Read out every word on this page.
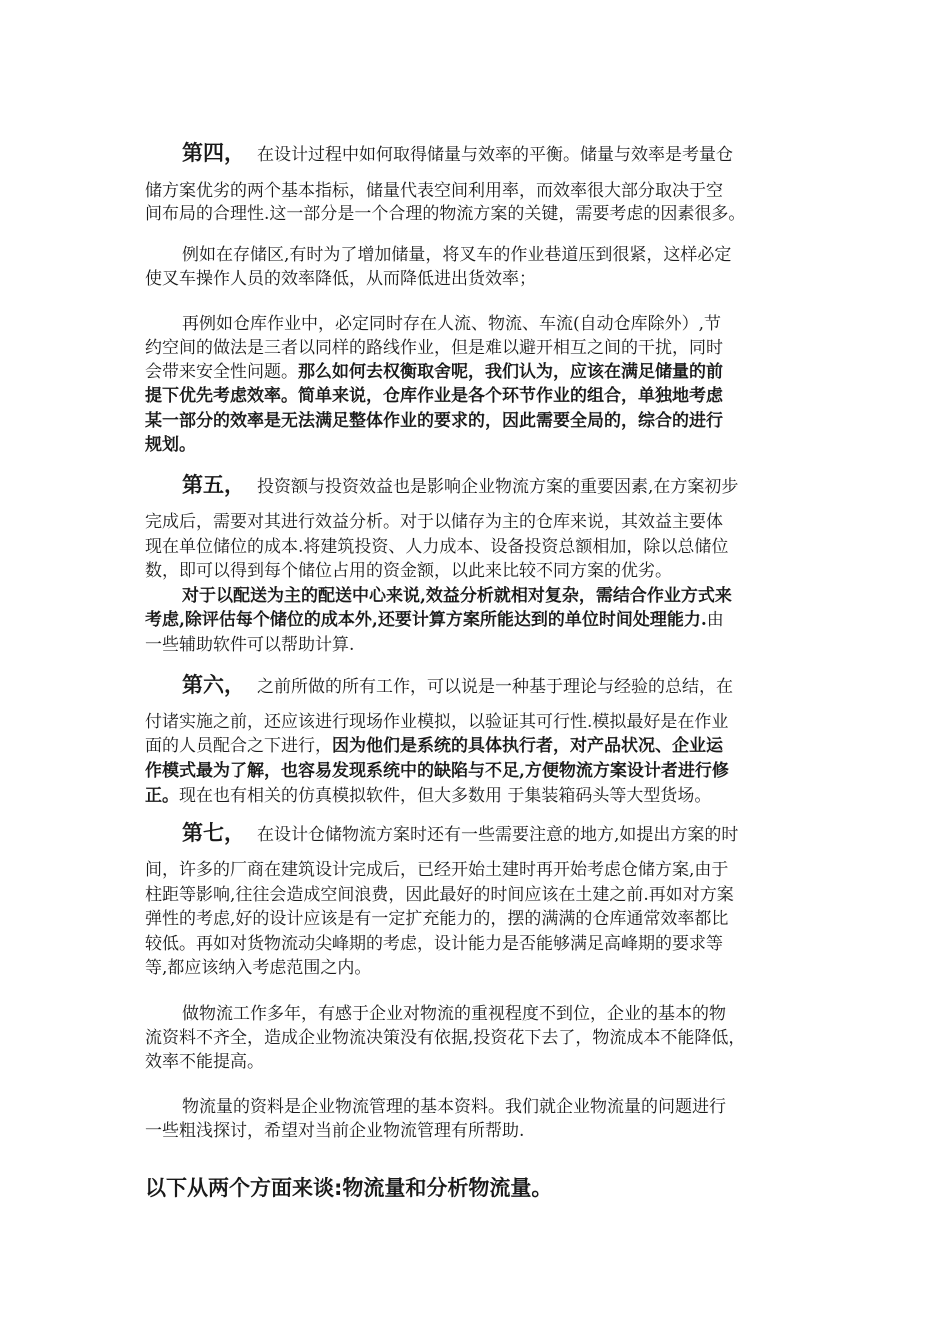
第四， 在设计过程中如何取得储量与效率的平衡。储量与效率是考量仓
储方案优劣的两个基本指标，储量代表空间利用率，而效率很大部分取决于空
间布局的合理性.这一部分是一个合理的物流方案的关键，需要考虑的因素很多。
例如在存储区,有时为了增加储量，将叉车的作业巷道压到很紧，这样必定
使叉车操作人员的效率降低，从而降低进出货效率；
再例如仓库作业中，必定同时存在人流、物流、车流(自动仓库除外）,节
约空间的做法是三者以同样的路线作业，但是难以避开相互之间的干扰，同时
会带来安全性问题。那么如何去权衡取舍呢，我们认为，应该在满足储量的前
提下优先考虑效率。简单来说，仓库作业是各个环节作业的组合，单独地考虑
某一部分的效率是无法满足整体作业的要求的，因此需要全局的，综合的进行
规划。
第五， 投资额与投资效益也是影响企业物流方案的重要因素,在方案初步
完成后，需要对其进行效益分析。对于以储存为主的仓库来说，其效益主要体
现在单位储位的成本.将建筑投资、人力成本、设备投资总额相加，除以总储位
数，即可以得到每个储位占用的资金额，以此来比较不同方案的优劣。
对于以配送为主的配送中心来说,效益分析就相对复杂，需结合作业方式来
考虑,除评估每个储位的成本外,还要计算方案所能达到的单位时间处理能力.由
一些辅助软件可以帮助计算.
第六， 之前所做的所有工作，可以说是一种基于理论与经验的总结，在
付诸实施之前，还应该进行现场作业模拟，以验证其可行性.模拟最好是在作业
面的人员配合之下进行，因为他们是系统的具体执行者，对产品状况、企业运
作模式最为了解，也容易发现系统中的缺陷与不足,方便物流方案设计者进行修
正。现在也有相关的仿真模拟软件，但大多数用 于集装箱码头等大型货场。
第七， 在设计仓储物流方案时还有一些需要注意的地方,如提出方案的时
间，许多的厂商在建筑设计完成后，已经开始土建时再开始考虑仓储方案,由于
柱距等影响,往往会造成空间浪费，因此最好的时间应该在土建之前.再如对方案
弹性的考虑,好的设计应该是有一定扩充能力的，摆的满满的仓库通常效率都比
较低。再如对货物流动尖峰期的考虑，设计能力是否能够满足高峰期的要求等
等,都应该纳入考虑范围之内。
做物流工作多年，有感于企业对物流的重视程度不到位，企业的基本的物
流资料不齐全，造成企业物流决策没有依据,投资花下去了，物流成本不能降低，
效率不能提高。
物流量的资料是企业物流管理的基本资料。我们就企业物流量的问题进行
一些粗浅探讨，希望对当前企业物流管理有所帮助.
以下从两个方面来谈:物流量和分析物流量。
